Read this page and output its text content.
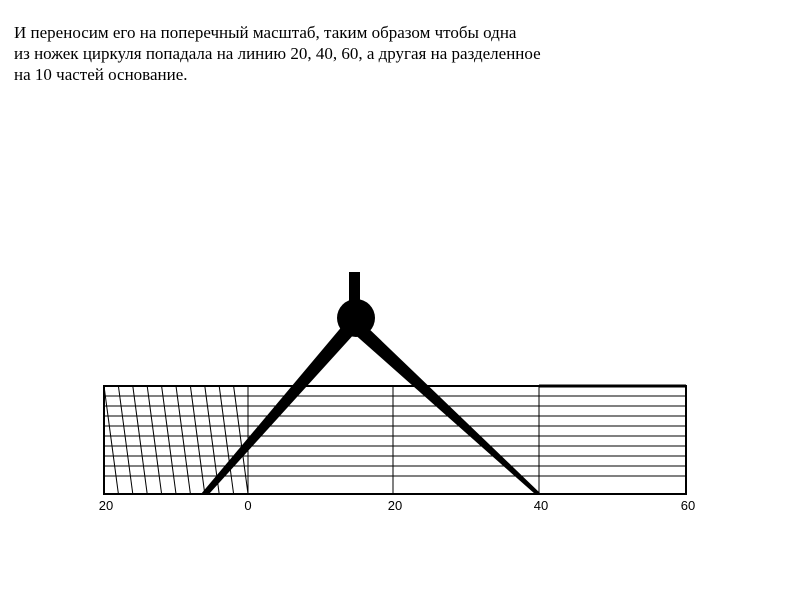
И переносим его на поперечный масштаб, таким образом чтобы одна
из ножек циркуля попадала на линию 20, 40, 60, а другая на разделенное
на 10 частей основание.
20	0	20	40	60
